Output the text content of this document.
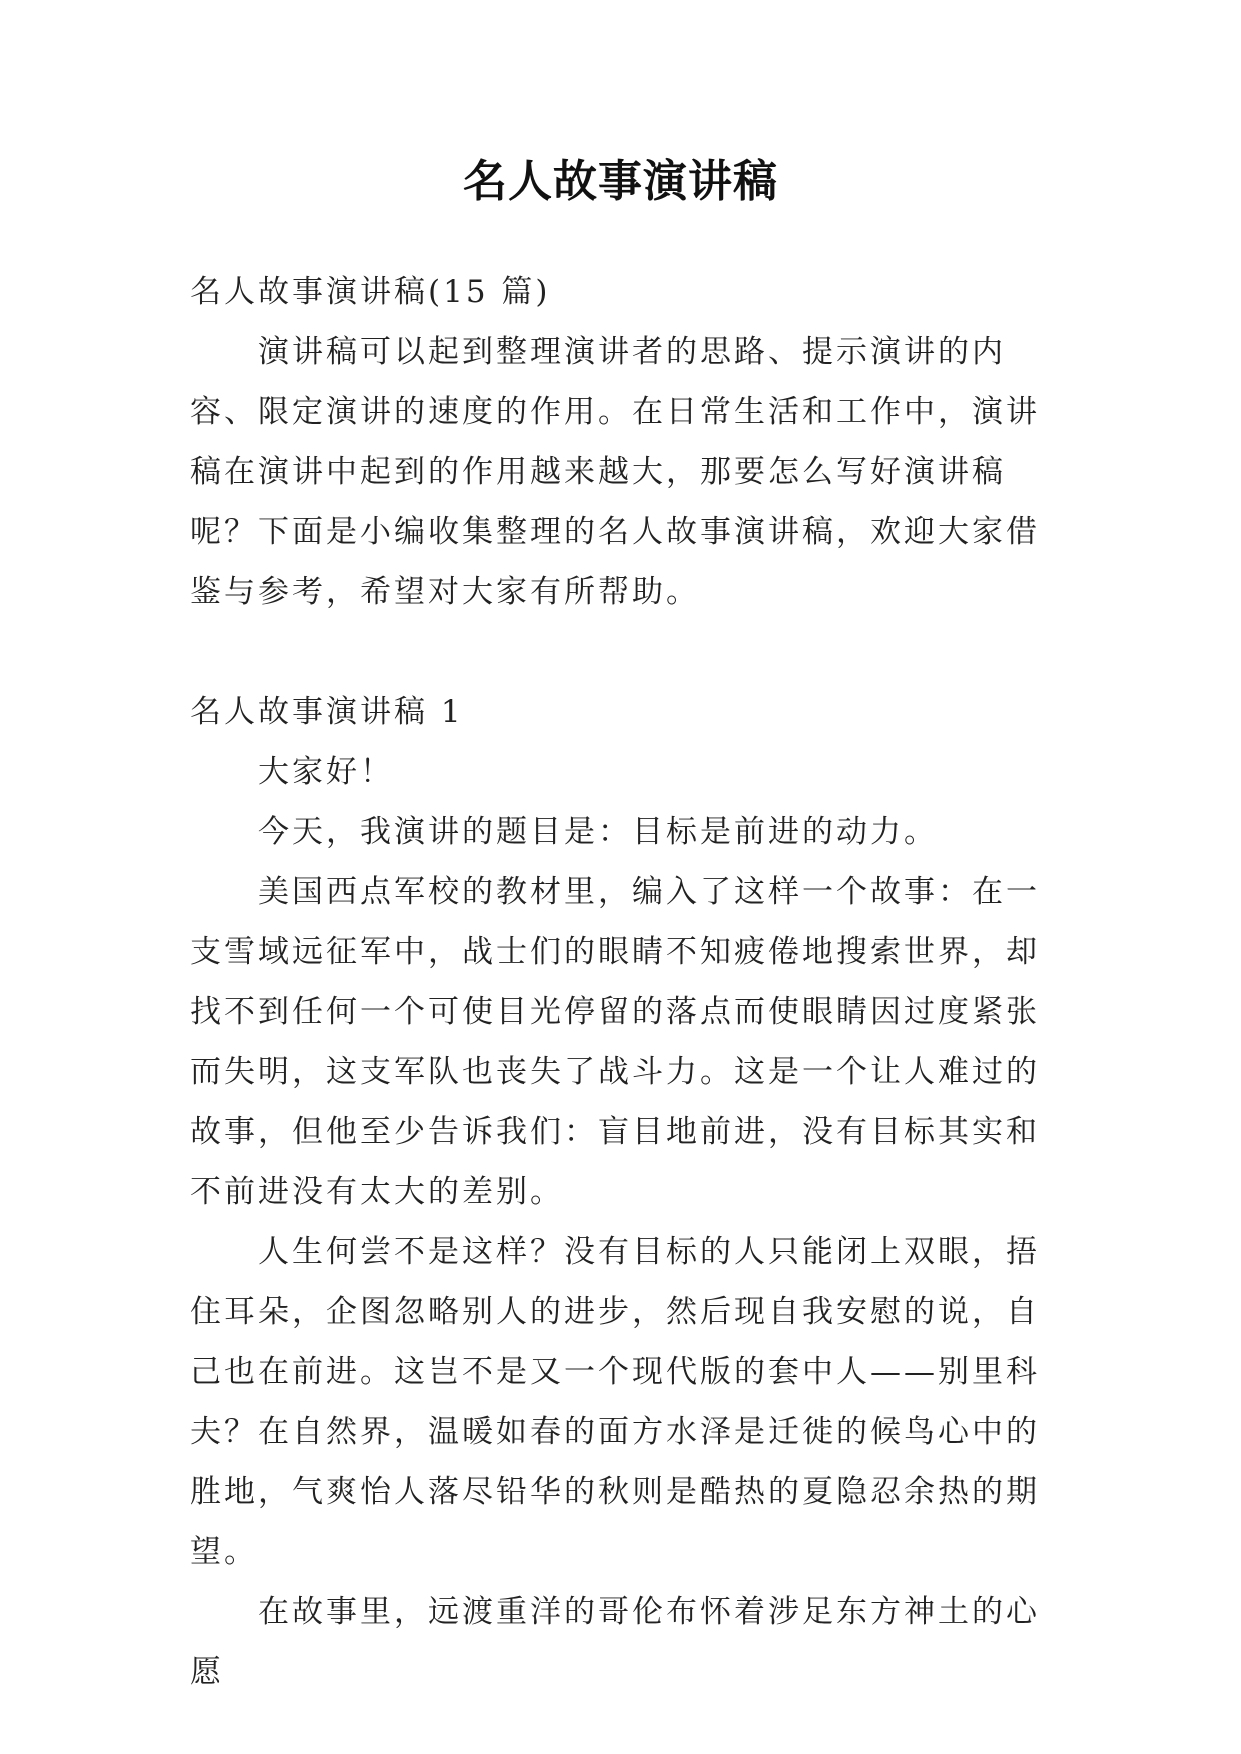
名人故事演讲稿

名人故事演讲稿(15 篇)

演讲稿可以起到整理演讲者的思路、提示演讲的内容、限定演讲的速度的作用。在日常生活和工作中，演讲稿在演讲中起到的作用越来越大，那要怎么写好演讲稿呢？下面是小编收集整理的名人故事演讲稿，欢迎大家借鉴与参考，希望对大家有所帮助。

名人故事演讲稿 1

大家好！

今天，我演讲的题目是：目标是前进的动力。

美国西点军校的教材里，编入了这样一个故事：在一支雪域远征军中，战士们的眼睛不知疲倦地搜索世界，却找不到任何一个可使目光停留的落点而使眼睛因过度紧张而失明，这支军队也丧失了战斗力。这是一个让人难过的故事，但他至少告诉我们：盲目地前进，没有目标其实和不前进没有太大的差别。

人生何尝不是这样？没有目标的人只能闭上双眼，捂住耳朵，企图忽略别人的进步，然后现自我安慰的说，自己也在前进。这岂不是又一个现代版的套中人——别里科夫？在自然界，温暖如春的面方水泽是迁徙的候鸟心中的胜地，气爽怡人落尽铅华的秋则是酷热的夏隐忍余热的期望。

在故事里，远渡重洋的哥伦布怀着涉足东方神土的心愿
